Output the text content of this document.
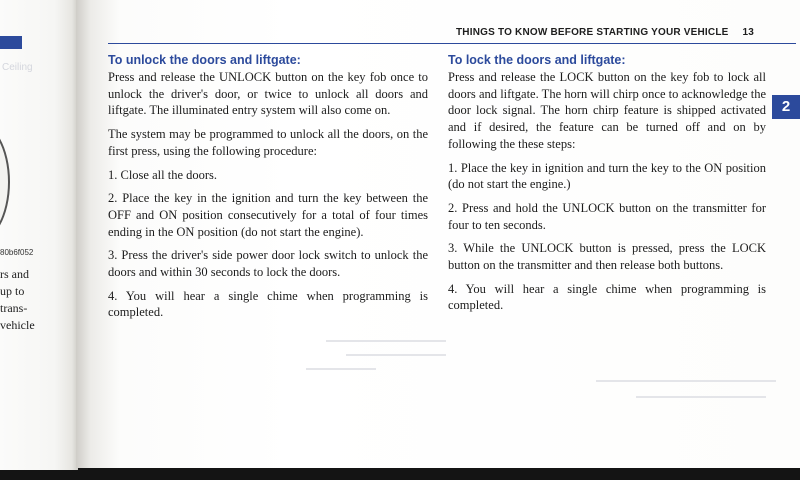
Ceiling
80b6f052
rs and
up to
trans-
vehicle
THINGS TO KNOW BEFORE STARTING YOUR VEHICLE 13
2
To unlock the doors and liftgate:

Press and release the UNLOCK button on the key fob once to unlock the driver's door, or twice to unlock all doors and liftgate. The illuminated entry system will also come on.

The system may be programmed to unlock all the doors, on the first press, using the following procedure:

1. Close all the doors.

2. Place the key in the ignition and turn the key between the OFF and ON position consecutively for a total of four times ending in the ON position (do not start the engine).

3. Press the driver's side power door lock switch to unlock the doors and within 30 seconds to lock the doors.

4. You will hear a single chime when programming is completed.

To lock the doors and liftgate:

Press and release the LOCK button on the key fob to lock all doors and liftgate. The horn will chirp once to acknowledge the door lock signal. The horn chirp feature is shipped activated and if desired, the feature can be turned off and on by following the these steps:

1. Place the key in ignition and turn the key to the ON position (do not start the engine.)

2. Press and hold the UNLOCK button on the transmitter for four to ten seconds.

3. While the UNLOCK button is pressed, press the LOCK button on the transmitter and then release both buttons.

4. You will hear a single chime when programming is completed.
